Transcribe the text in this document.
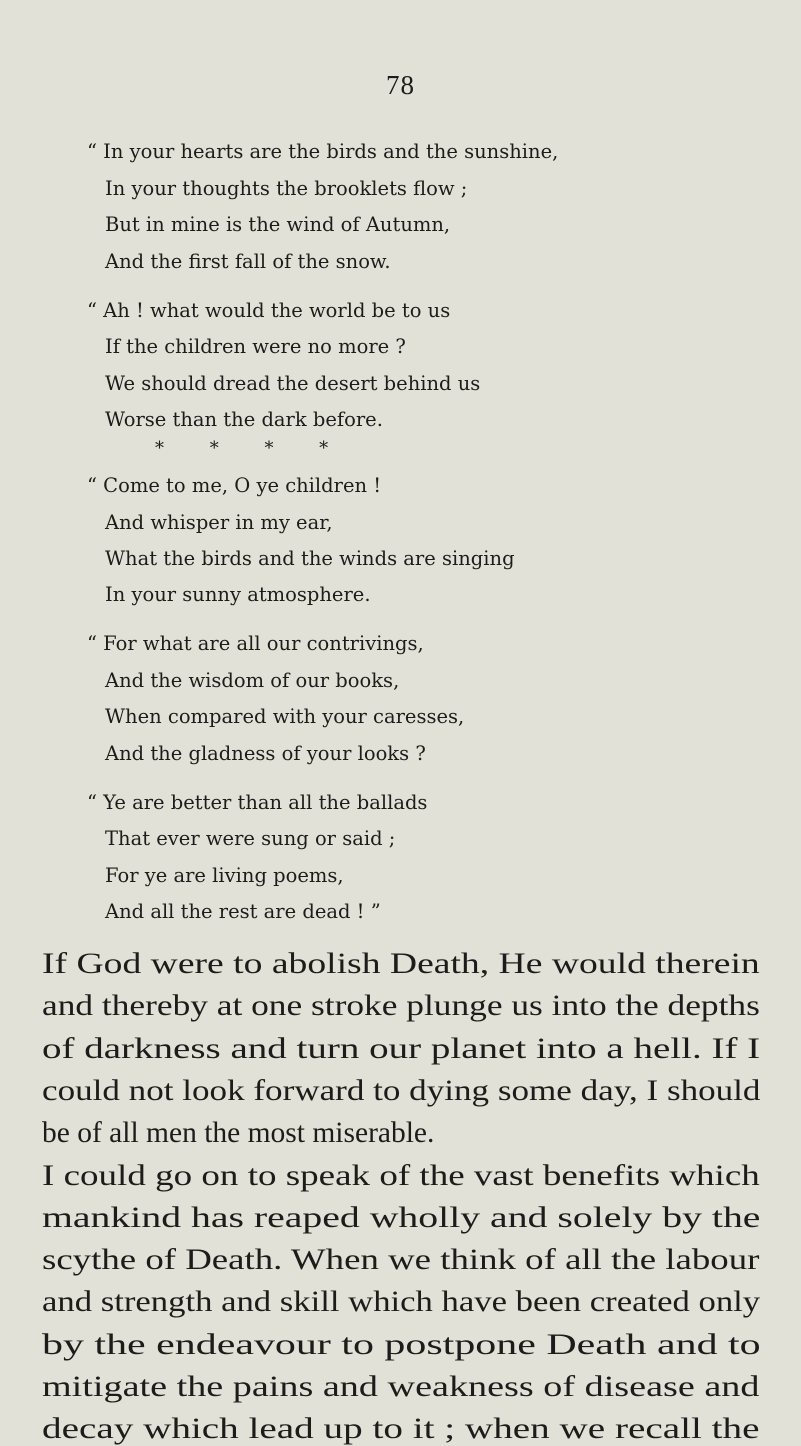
78
“ In your hearts are the birds and the sunshine,
In your thoughts the brooklets flow ;
But in mine is the wind of Autumn,
And the first fall of the snow.
“ Ah ! what would the world be to us
If the children were no more ?
We should dread the desert behind us
Worse than the dark before.
* * * *
“ Come to me, O ye children !
And whisper in my ear,
What the birds and the winds are singing
In your sunny atmosphere.
“ For what are all our contrivings,
And the wisdom of our books,
When compared with your caresses,
And the gladness of your looks ?
“ Ye are better than all the ballads
That ever were sung or said ;
For ye are living poems,
And all the rest are dead ! ”
If God were to abolish Death, He would therein
and thereby at one stroke plunge us into the depths
of darkness and turn our planet into a hell. If I
could not look forward to dying some day, I should
be of all men the most miserable.
I could go on to speak of the vast benefits which
mankind has reaped wholly and solely by the
scythe of Death. When we think of all the labour
and strength and skill which have been created only
by the endeavour to postpone Death and to
mitigate the pains and weakness of disease and
decay which lead up to it ; when we recall the
